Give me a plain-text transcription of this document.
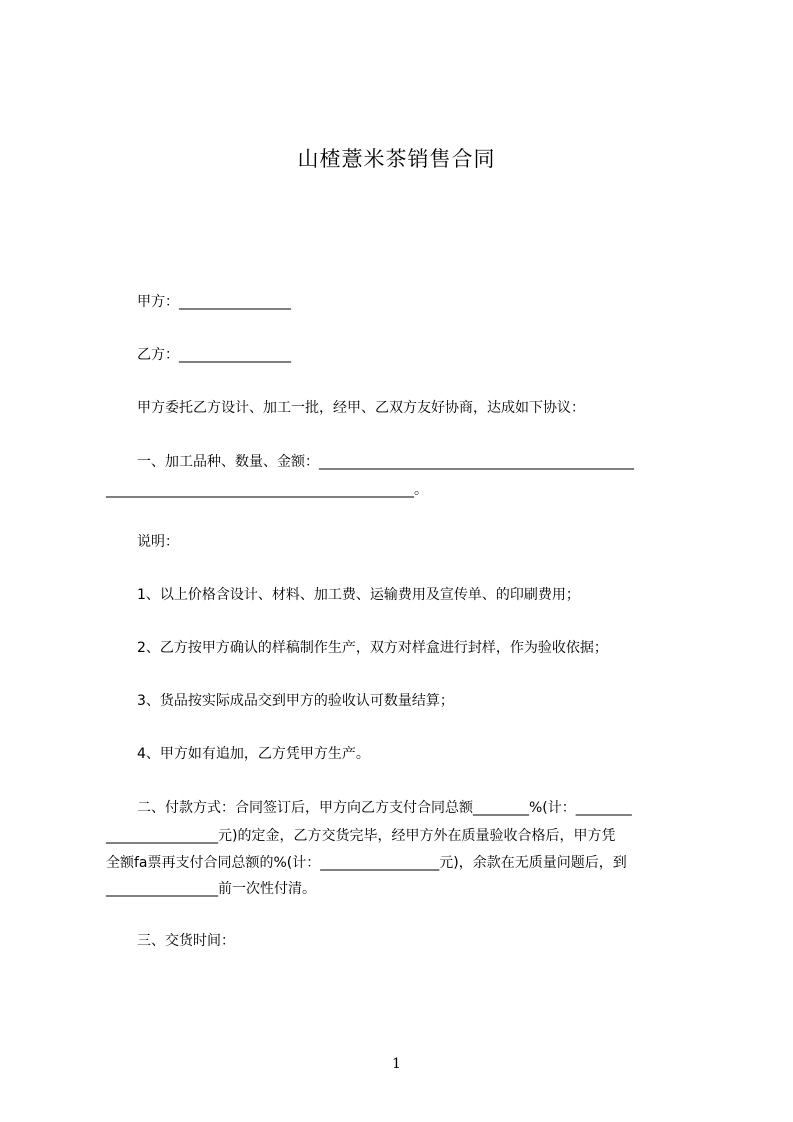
山楂薏米茶销售合同
甲方：________________
乙方：________________
甲方委托乙方设计、加工一批，经甲、乙双方友好协商，达成如下协议：
一、加工品种、数量、金额：_____________________________________________
____________________________________________。
说明：
1、以上价格含设计、材料、加工费、运输费用及宣传单、的印刷费用；
2、乙方按甲方确认的样稿制作生产，双方对样盒进行封样，作为验收依据；
3、货品按实际成品交到甲方的验收认可数量结算；
4、甲方如有追加，乙方凭甲方生产。
二、付款方式：合同签订后，甲方向乙方支付合同总额________%(计：________
________________元)的定金，乙方交货完毕，经甲方外在质量验收合格后，甲方凭
全额fa票再支付合同总额的%(计：_________________元)，余款在无质量问题后，到
________________前一次性付清。
三、交货时间：
1
